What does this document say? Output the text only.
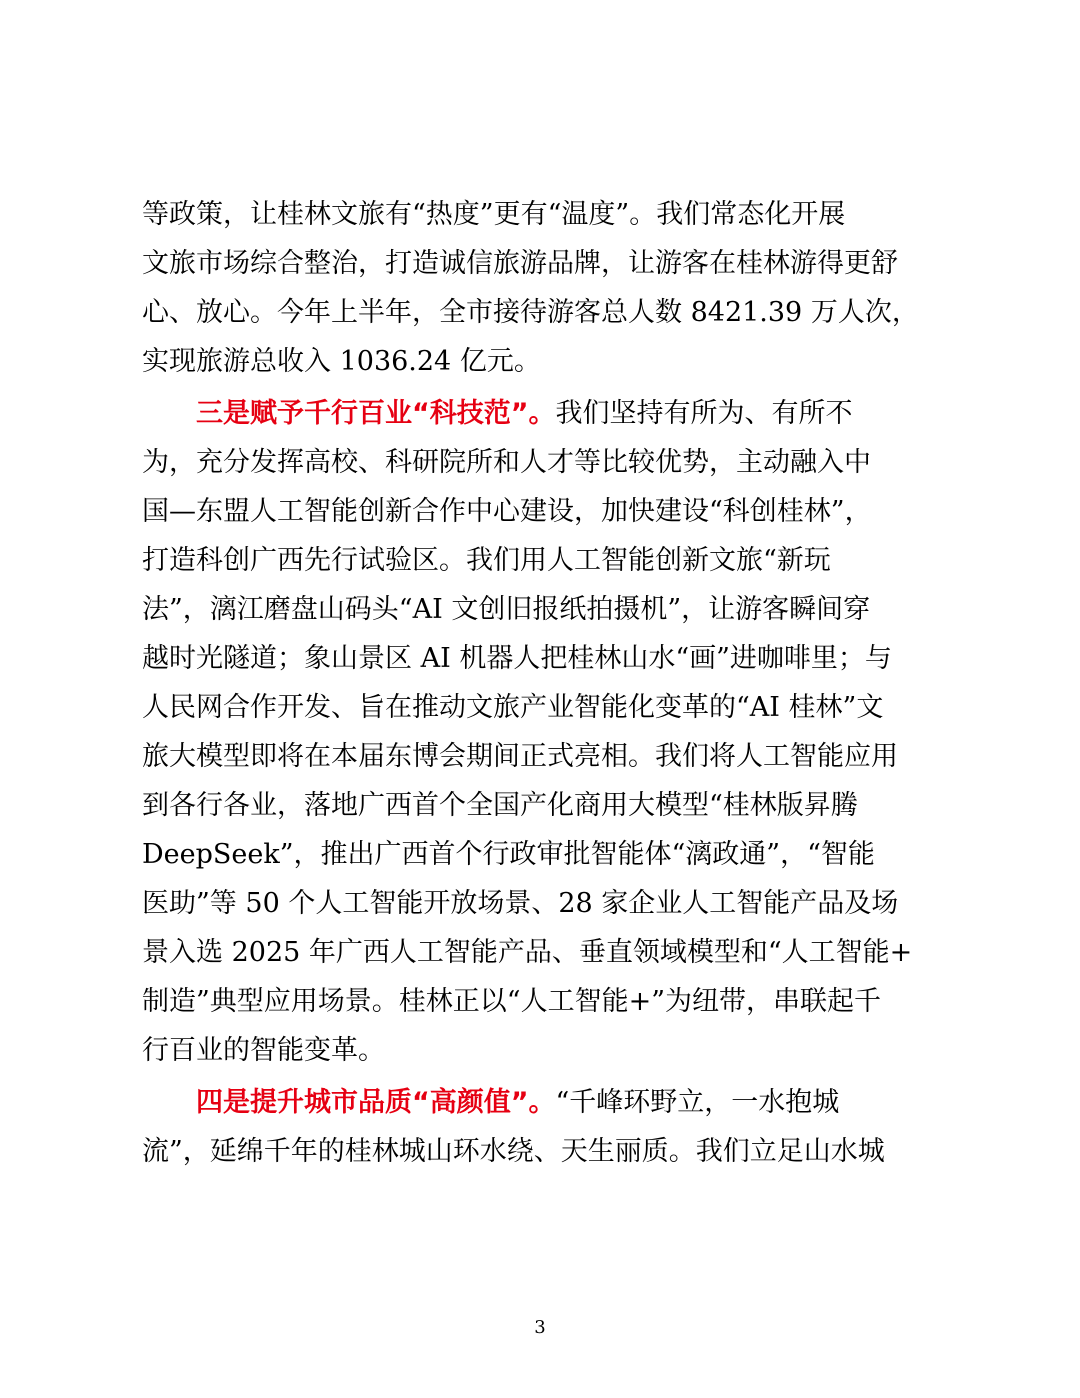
等政策，让桂林文旅有“热度”更有“温度”。我们常态化开展
文旅市场综合整治，打造诚信旅游品牌，让游客在桂林游得更舒
心、放心。今年上半年，全市接待游客总人数 8421.39 万人次，
实现旅游总收入 1036.24 亿元。
三是赋予千行百业“科技范”。我们坚持有所为、有所不
为，充分发挥高校、科研院所和人才等比较优势，主动融入中
国—东盟人工智能创新合作中心建设，加快建设“科创桂林”，
打造科创广西先行试验区。我们用人工智能创新文旅“新玩
法”，漓江磨盘山码头“AI 文创旧报纸拍摄机”，让游客瞬间穿
越时光隧道；象山景区 AI 机器人把桂林山水“画”进咖啡里；与
人民网合作开发、旨在推动文旅产业智能化变革的“AI 桂林”文
旅大模型即将在本届东博会期间正式亮相。我们将人工智能应用
到各行各业，落地广西首个全国产化商用大模型“桂林版昇腾
DeepSeek”，推出广西首个行政审批智能体“漓政通”，“智能
医助”等 50 个人工智能开放场景、28 家企业人工智能产品及场
景入选 2025 年广西人工智能产品、垂直领域模型和“人工智能+
制造”典型应用场景。桂林正以“人工智能+”为纽带，串联起千
行百业的智能变革。
四是提升城市品质“高颜值”。“千峰环野立，一水抱城
流”，延绵千年的桂林城山环水绕、天生丽质。我们立足山水城
3
